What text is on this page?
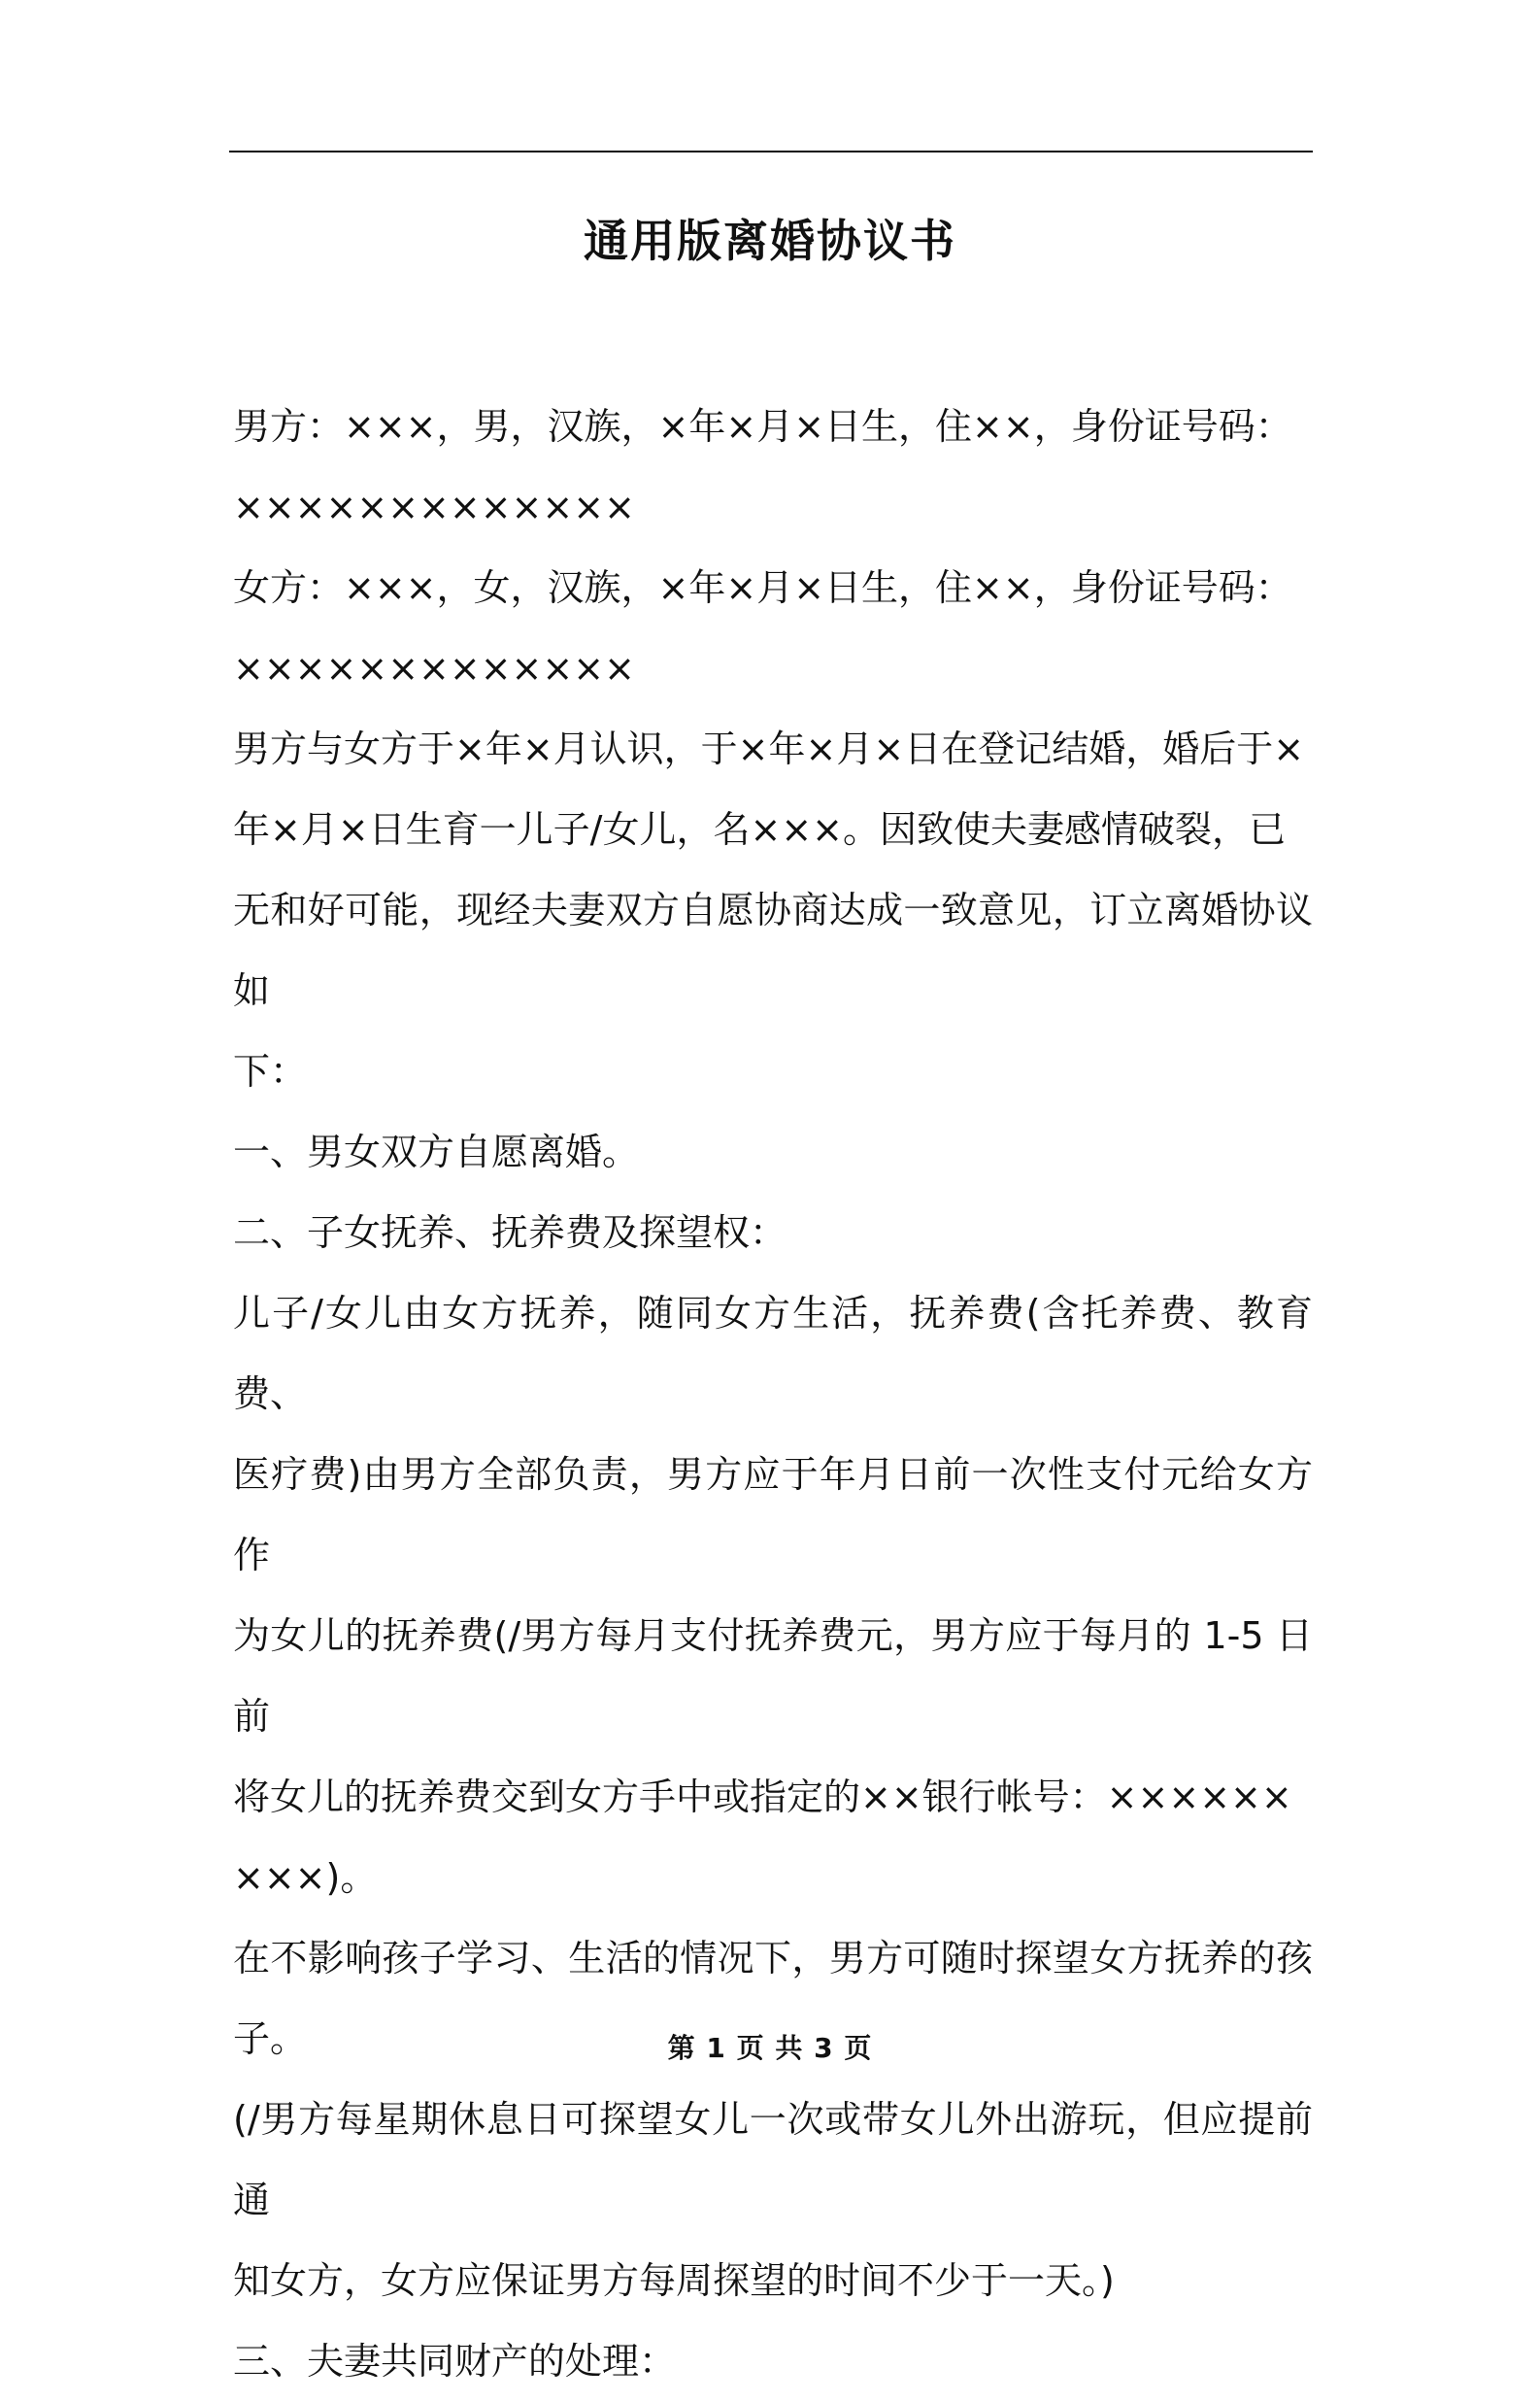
通用版离婚协议书

男方：×××，男，汉族，×年×月×日生，住××，身份证号码：

×××××××××××××

女方：×××，女，汉族，×年×月×日生，住××，身份证号码：

×××××××××××××

男方与女方于×年×月认识，于×年×月×日在登记结婚，婚后于×

年×月×日生育一儿子/女儿，名×××。因致使夫妻感情破裂，已

无和好可能，现经夫妻双方自愿协商达成一致意见，订立离婚协议如

下：

一、男女双方自愿离婚。

二、子女抚养、抚养费及探望权：

儿子/女儿由女方抚养，随同女方生活，抚养费(含托养费、教育费、

医疗费)由男方全部负责，男方应于年月日前一次性支付元给女方作

为女儿的抚养费(/男方每月支付抚养费元，男方应于每月的 1-5 日前

将女儿的抚养费交到女方手中或指定的××银行帐号：××××××

×××)。

在不影响孩子学习、生活的情况下，男方可随时探望女方抚养的孩子。

(/男方每星期休息日可探望女儿一次或带女儿外出游玩，但应提前通

知女方，女方应保证男方每周探望的时间不少于一天。)

三、夫妻共同财产的处理：

第 1 页 共 3 页
